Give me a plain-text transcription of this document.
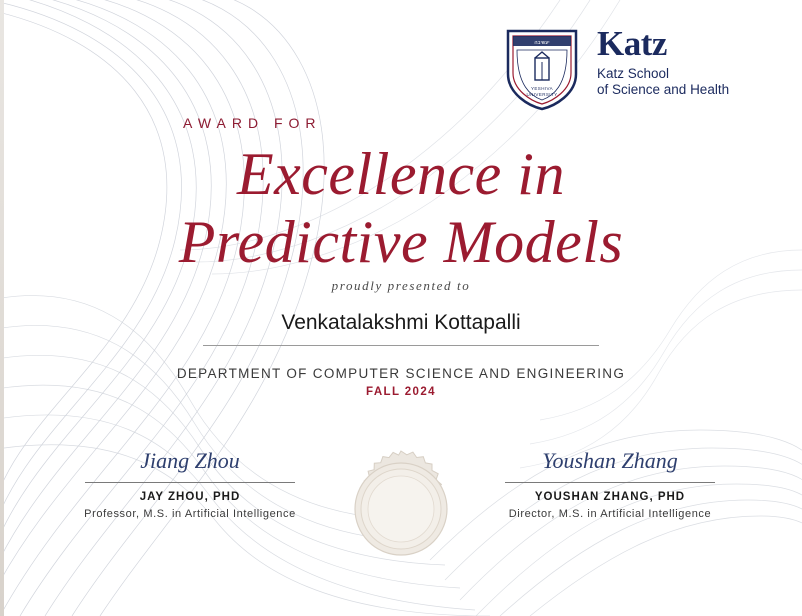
יעשיבה
YESHIVA
UNIVERSITY
Katz
Katz School
of Science and Health
AWARD FOR
Excellence in
Predictive Models
proudly presented to
Venkatalakshmi Kottapalli
DEPARTMENT OF COMPUTER SCIENCE AND ENGINEERING
FALL 2024
Jiang Zhou
JAY ZHOU, PHD
Professor, M.S. in Artificial Intelligence
Youshan Zhang
YOUSHAN ZHANG, PHD
Director, M.S. in Artificial Intelligence
